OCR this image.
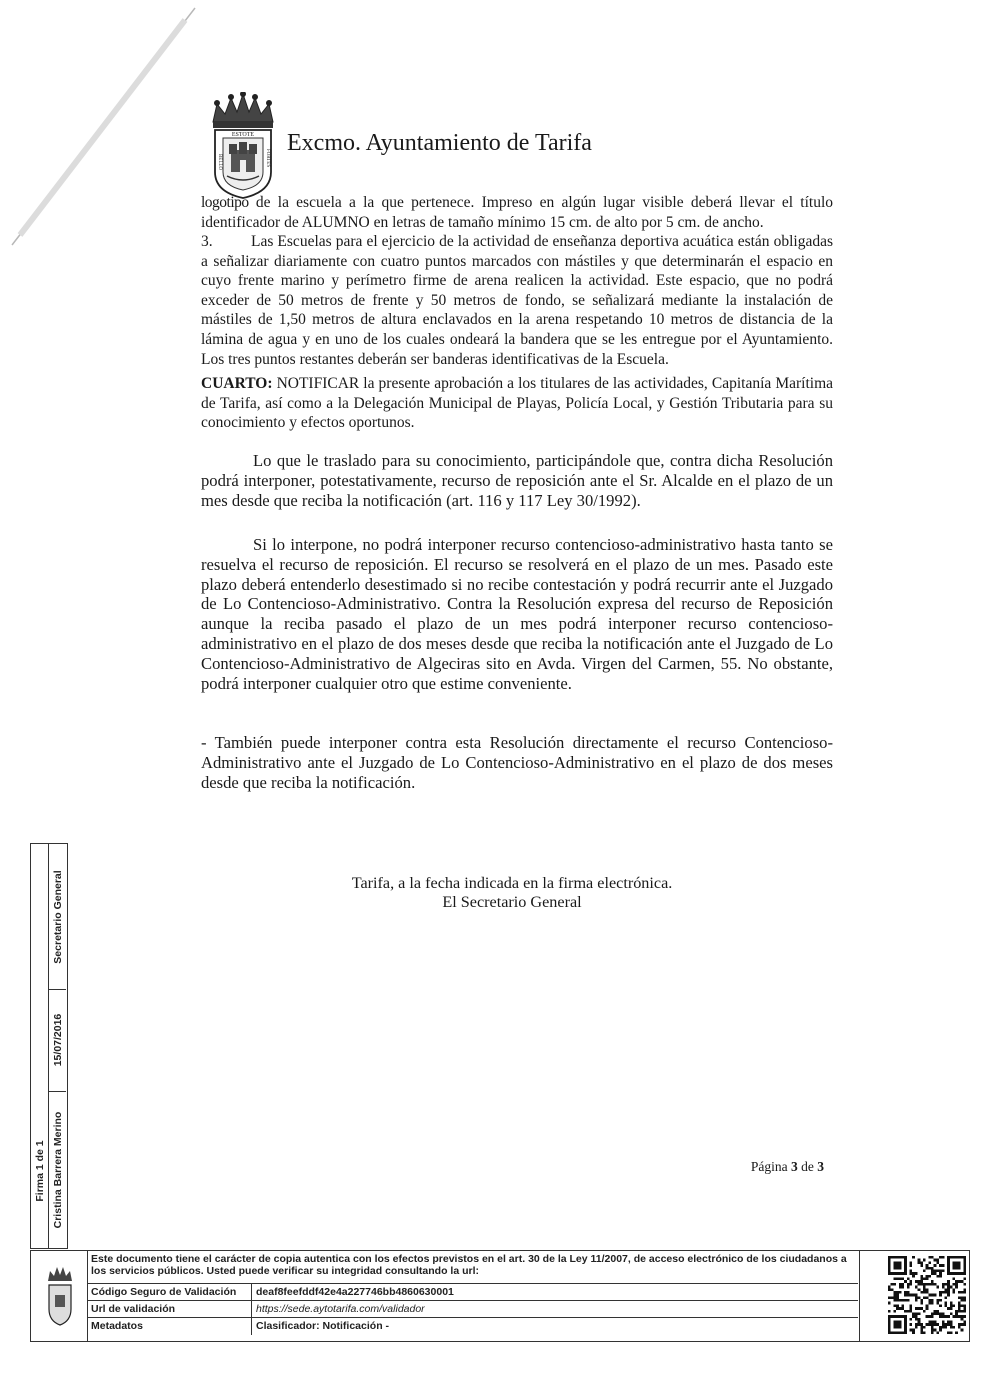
ESTOTE
BELLO	FORTES
Excmo. Ayuntamiento de Tarifa

logotipo de la escuela a la que pertenece. Impreso en algún lugar visible deberá llevar el título identificador de ALUMNO en letras de tamaño mínimo 15 cm. de alto por 5 cm. de ancho.

3. Las Escuelas para el ejercicio de la actividad de enseñanza deportiva acuática están obligadas a señalizar diariamente con cuatro puntos marcados con mástiles y que determinarán el espacio en cuyo frente marino y perímetro firme de arena realicen la actividad. Este espacio, que no podrá exceder de 50 metros de frente y 50 metros de fondo, se señalizará mediante la instalación de mástiles de 1,50 metros de altura enclavados en la arena respetando 10 metros de distancia de la lámina de agua y en uno de los cuales ondeará la bandera que se les entregue por el Ayuntamiento. Los tres puntos restantes deberán ser banderas identificativas de la Escuela.

CUARTO: NOTIFICAR la presente aprobación a los titulares de las actividades, Capitanía Marítima de Tarifa, así como a la Delegación Municipal de Playas, Policía Local, y Gestión Tributaria para su conocimiento y efectos oportunos.

Lo que le traslado para su conocimiento, participándole que, contra dicha Resolución podrá interponer, potestativamente, recurso de reposición ante el Sr. Alcalde en el plazo de un mes desde que reciba la notificación (art. 116 y 117 Ley 30/1992).

Si lo interpone, no podrá interponer recurso contencioso-administrativo hasta tanto se resuelva el recurso de reposición. El recurso se resolverá en el plazo de un mes. Pasado este plazo deberá entenderlo desestimado si no recibe contestación y podrá recurrir ante el Juzgado de Lo Contencioso-Administrativo. Contra la Resolución expresa del recurso de Reposición aunque la reciba pasado el plazo de un mes podrá interponer recurso contencioso-administrativo en el plazo de dos meses desde que reciba la notificación ante el Juzgado de Lo Contencioso-Administrativo de Algeciras sito en Avda. Virgen del Carmen, 55. No obstante, podrá interponer cualquier otro que estime conveniente.

- También puede interponer contra esta Resolución directamente el recurso Contencioso-Administrativo ante el Juzgado de Lo Contencioso-Administrativo en el plazo de dos meses desde que reciba la notificación.

Tarifa, a la fecha indicada en la firma electrónica.

El Secretario General

Página 3 de 3
Firma 1 de 1
Secretario General
15/07/2016
Cristina Barrera Merino
Este documento tiene el carácter de copia autentica con los efectos previstos en el art. 30 de la Ley 11/2007, de acceso electrónico de los ciudadanos a los servicios públicos. Usted puede verificar su integridad consultando la url:
Código Seguro de Validación deaf8feefddf42e4a227746bb4860630001
Url de validación	https://sede.aytotarifa.com/validador
Metadatos	Clasificador: Notificación -
